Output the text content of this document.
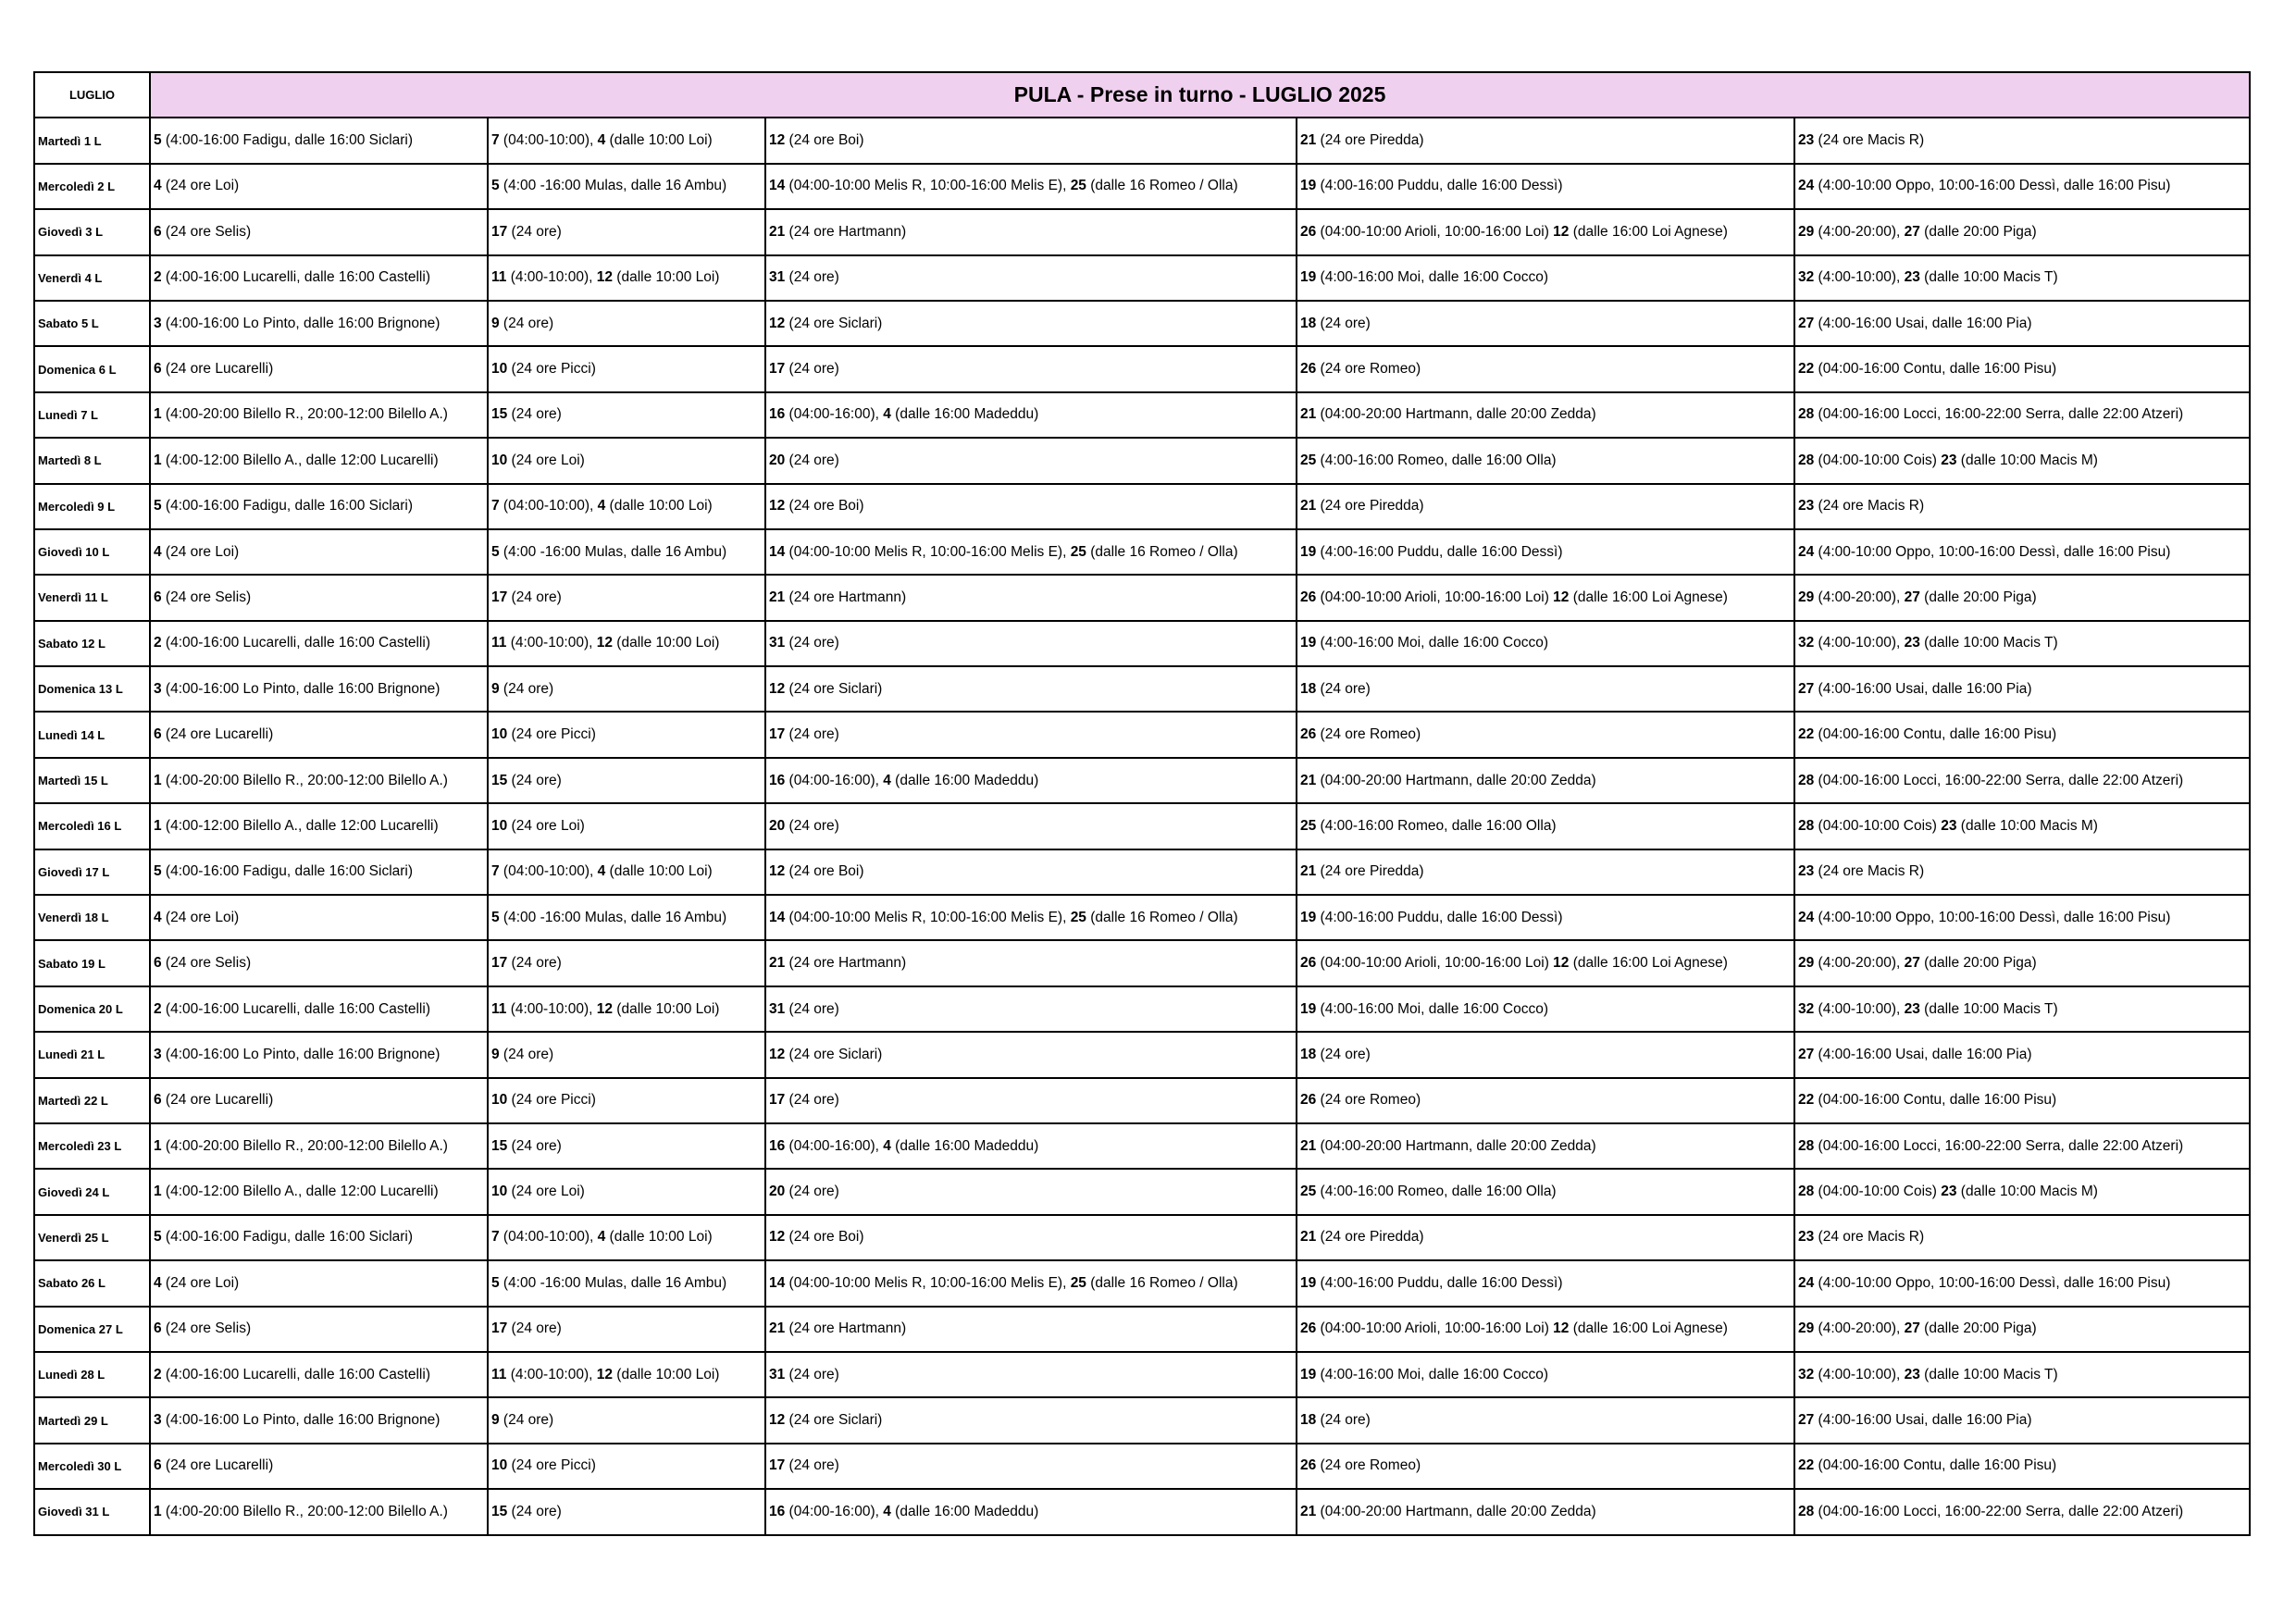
LUGLIO	PULA - Prese in turno - LUGLIO 2025				
Martedì 1 L	5 (4:00-16:00 Fadigu, dalle 16:00 Siclari)	7 (04:00-10:00), 4 (dalle 10:00 Loi)	12 (24 ore Boi)	21 (24 ore Piredda)	23 (24 ore Macis R)
Mercoledì 2 L	4 (24 ore Loi)	5 (4:00 -16:00 Mulas, dalle 16 Ambu)	14 (04:00-10:00 Melis R, 10:00-16:00 Melis E), 25 (dalle 16 Romeo / Olla)	19 (4:00-16:00 Puddu, dalle 16:00 Dessì)	24 (4:00-10:00 Oppo, 10:00-16:00 Dessì, dalle 16:00 Pisu)
Giovedì 3 L	6 (24 ore Selis)	17 (24 ore)	21 (24 ore Hartmann)	26 (04:00-10:00 Arioli, 10:00-16:00 Loi) 12 (dalle 16:00 Loi Agnese)	29 (4:00-20:00), 27 (dalle 20:00 Piga)
Venerdì 4 L	2 (4:00-16:00 Lucarelli, dalle 16:00 Castelli)	11 (4:00-10:00), 12 (dalle 10:00 Loi)	31 (24 ore)	19 (4:00-16:00 Moi, dalle 16:00 Cocco)	32 (4:00-10:00), 23 (dalle 10:00 Macis T)
Sabato 5 L	3 (4:00-16:00 Lo Pinto, dalle 16:00 Brignone)	9 (24 ore)	12 (24 ore Siclari)	18 (24 ore)	27 (4:00-16:00 Usai, dalle 16:00 Pia)
Domenica 6 L	6 (24 ore Lucarelli)	10 (24 ore Picci)	17 (24 ore)	26 (24 ore Romeo)	22 (04:00-16:00 Contu, dalle 16:00 Pisu)
Lunedì 7 L	1 (4:00-20:00 Bilello R., 20:00-12:00 Bilello A.)	15 (24 ore)	16 (04:00-16:00), 4 (dalle 16:00 Madeddu)	21 (04:00-20:00 Hartmann, dalle 20:00 Zedda)	28 (04:00-16:00 Locci, 16:00-22:00 Serra, dalle 22:00 Atzeri)
Martedì 8 L	1 (4:00-12:00 Bilello A., dalle 12:00 Lucarelli)	10 (24 ore Loi)	20 (24 ore)	25 (4:00-16:00 Romeo, dalle 16:00 Olla)	28 (04:00-10:00 Cois) 23 (dalle 10:00 Macis M)
Mercoledì 9 L	5 (4:00-16:00 Fadigu, dalle 16:00 Siclari)	7 (04:00-10:00), 4 (dalle 10:00 Loi)	12 (24 ore Boi)	21 (24 ore Piredda)	23 (24 ore Macis R)
Giovedì 10 L	4 (24 ore Loi)	5 (4:00 -16:00 Mulas, dalle 16 Ambu)	14 (04:00-10:00 Melis R, 10:00-16:00 Melis E), 25 (dalle 16 Romeo / Olla)	19 (4:00-16:00 Puddu, dalle 16:00 Dessì)	24 (4:00-10:00 Oppo, 10:00-16:00 Dessì, dalle 16:00 Pisu)
Venerdì 11 L	6 (24 ore Selis)	17 (24 ore)	21 (24 ore Hartmann)	26 (04:00-10:00 Arioli, 10:00-16:00 Loi) 12 (dalle 16:00 Loi Agnese)	29 (4:00-20:00), 27 (dalle 20:00 Piga)
Sabato 12 L	2 (4:00-16:00 Lucarelli, dalle 16:00 Castelli)	11 (4:00-10:00), 12 (dalle 10:00 Loi)	31 (24 ore)	19 (4:00-16:00 Moi, dalle 16:00 Cocco)	32 (4:00-10:00), 23 (dalle 10:00 Macis T)
Domenica 13 L	3 (4:00-16:00 Lo Pinto, dalle 16:00 Brignone)	9 (24 ore)	12 (24 ore Siclari)	18 (24 ore)	27 (4:00-16:00 Usai, dalle 16:00 Pia)
Lunedì 14 L	6 (24 ore Lucarelli)	10 (24 ore Picci)	17 (24 ore)	26 (24 ore Romeo)	22 (04:00-16:00 Contu, dalle 16:00 Pisu)
Martedì 15 L	1 (4:00-20:00 Bilello R., 20:00-12:00 Bilello A.)	15 (24 ore)	16 (04:00-16:00), 4 (dalle 16:00 Madeddu)	21 (04:00-20:00 Hartmann, dalle 20:00 Zedda)	28 (04:00-16:00 Locci, 16:00-22:00 Serra, dalle 22:00 Atzeri)
Mercoledì 16 L	1 (4:00-12:00 Bilello A., dalle 12:00 Lucarelli)	10 (24 ore Loi)	20 (24 ore)	25 (4:00-16:00 Romeo, dalle 16:00 Olla)	28 (04:00-10:00 Cois) 23 (dalle 10:00 Macis M)
Giovedì 17 L	5 (4:00-16:00 Fadigu, dalle 16:00 Siclari)	7 (04:00-10:00), 4 (dalle 10:00 Loi)	12 (24 ore Boi)	21 (24 ore Piredda)	23 (24 ore Macis R)
Venerdì 18 L	4 (24 ore Loi)	5 (4:00 -16:00 Mulas, dalle 16 Ambu)	14 (04:00-10:00 Melis R, 10:00-16:00 Melis E), 25 (dalle 16 Romeo / Olla)	19 (4:00-16:00 Puddu, dalle 16:00 Dessì)	24 (4:00-10:00 Oppo, 10:00-16:00 Dessì, dalle 16:00 Pisu)
Sabato 19 L	6 (24 ore Selis)	17 (24 ore)	21 (24 ore Hartmann)	26 (04:00-10:00 Arioli, 10:00-16:00 Loi) 12 (dalle 16:00 Loi Agnese)	29 (4:00-20:00), 27 (dalle 20:00 Piga)
Domenica 20 L	2 (4:00-16:00 Lucarelli, dalle 16:00 Castelli)	11 (4:00-10:00), 12 (dalle 10:00 Loi)	31 (24 ore)	19 (4:00-16:00 Moi, dalle 16:00 Cocco)	32 (4:00-10:00), 23 (dalle 10:00 Macis T)
Lunedì 21 L	3 (4:00-16:00 Lo Pinto, dalle 16:00 Brignone)	9 (24 ore)	12 (24 ore Siclari)	18 (24 ore)	27 (4:00-16:00 Usai, dalle 16:00 Pia)
Martedì 22 L	6 (24 ore Lucarelli)	10 (24 ore Picci)	17 (24 ore)	26 (24 ore Romeo)	22 (04:00-16:00 Contu, dalle 16:00 Pisu)
Mercoledì 23 L	1 (4:00-20:00 Bilello R., 20:00-12:00 Bilello A.)	15 (24 ore)	16 (04:00-16:00), 4 (dalle 16:00 Madeddu)	21 (04:00-20:00 Hartmann, dalle 20:00 Zedda)	28 (04:00-16:00 Locci, 16:00-22:00 Serra, dalle 22:00 Atzeri)
Giovedì 24 L	1 (4:00-12:00 Bilello A., dalle 12:00 Lucarelli)	10 (24 ore Loi)	20 (24 ore)	25 (4:00-16:00 Romeo, dalle 16:00 Olla)	28 (04:00-10:00 Cois) 23 (dalle 10:00 Macis M)
Venerdì 25 L	5 (4:00-16:00 Fadigu, dalle 16:00 Siclari)	7 (04:00-10:00), 4 (dalle 10:00 Loi)	12 (24 ore Boi)	21 (24 ore Piredda)	23 (24 ore Macis R)
Sabato 26 L	4 (24 ore Loi)	5 (4:00 -16:00 Mulas, dalle 16 Ambu)	14 (04:00-10:00 Melis R, 10:00-16:00 Melis E), 25 (dalle 16 Romeo / Olla)	19 (4:00-16:00 Puddu, dalle 16:00 Dessì)	24 (4:00-10:00 Oppo, 10:00-16:00 Dessì, dalle 16:00 Pisu)
Domenica 27 L	6 (24 ore Selis)	17 (24 ore)	21 (24 ore Hartmann)	26 (04:00-10:00 Arioli, 10:00-16:00 Loi) 12 (dalle 16:00 Loi Agnese)	29 (4:00-20:00), 27 (dalle 20:00 Piga)
Lunedì 28 L	2 (4:00-16:00 Lucarelli, dalle 16:00 Castelli)	11 (4:00-10:00), 12 (dalle 10:00 Loi)	31 (24 ore)	19 (4:00-16:00 Moi, dalle 16:00 Cocco)	32 (4:00-10:00), 23 (dalle 10:00 Macis T)
Martedì 29 L	3 (4:00-16:00 Lo Pinto, dalle 16:00 Brignone)	9 (24 ore)	12 (24 ore Siclari)	18 (24 ore)	27 (4:00-16:00 Usai, dalle 16:00 Pia)
Mercoledì 30 L	6 (24 ore Lucarelli)	10 (24 ore Picci)	17 (24 ore)	26 (24 ore Romeo)	22 (04:00-16:00 Contu, dalle 16:00 Pisu)
Giovedì 31 L	1 (4:00-20:00 Bilello R., 20:00-12:00 Bilello A.)	15 (24 ore)	16 (04:00-16:00), 4 (dalle 16:00 Madeddu)	21 (04:00-20:00 Hartmann, dalle 20:00 Zedda)	28 (04:00-16:00 Locci, 16:00-22:00 Serra, dalle 22:00 Atzeri)
